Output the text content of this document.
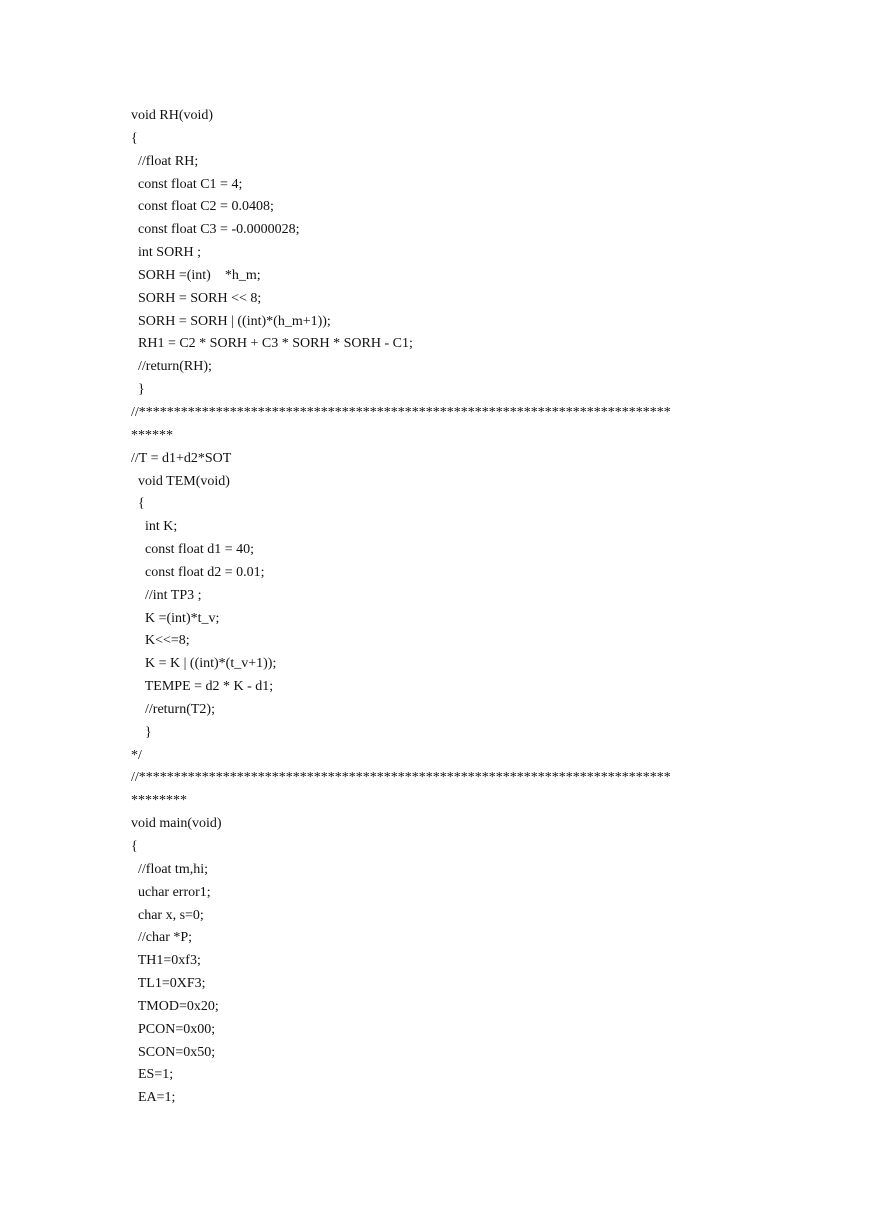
void RH(void)
{
//float RH;
const float C1 = 4;
const float C2 = 0.0408;
const float C3 = -0.0000028;
int SORH ;
SORH =(int)    *h_m;
SORH = SORH << 8;
SORH = SORH | ((int)*(h_m+1));
RH1 = C2 * SORH + C3 * SORH * SORH - C1;
//return(RH);
}
//****************************************************************************
******
//T = d1+d2*SOT
void TEM(void)
{
int K;
const float d1 = 40;
const float d2 = 0.01;
//int TP3 ;
K =(int)*t_v;
K<<=8;
K = K | ((int)*(t_v+1));
TEMPE = d2 * K - d1;
//return(T2);
}
*/
//****************************************************************************
********
void main(void)
{
//float tm,hi;
uchar error1;
char x, s=0;
//char *P;
TH1=0xf3;
TL1=0XF3;
TMOD=0x20;
PCON=0x00;
SCON=0x50;
ES=1;
EA=1;
